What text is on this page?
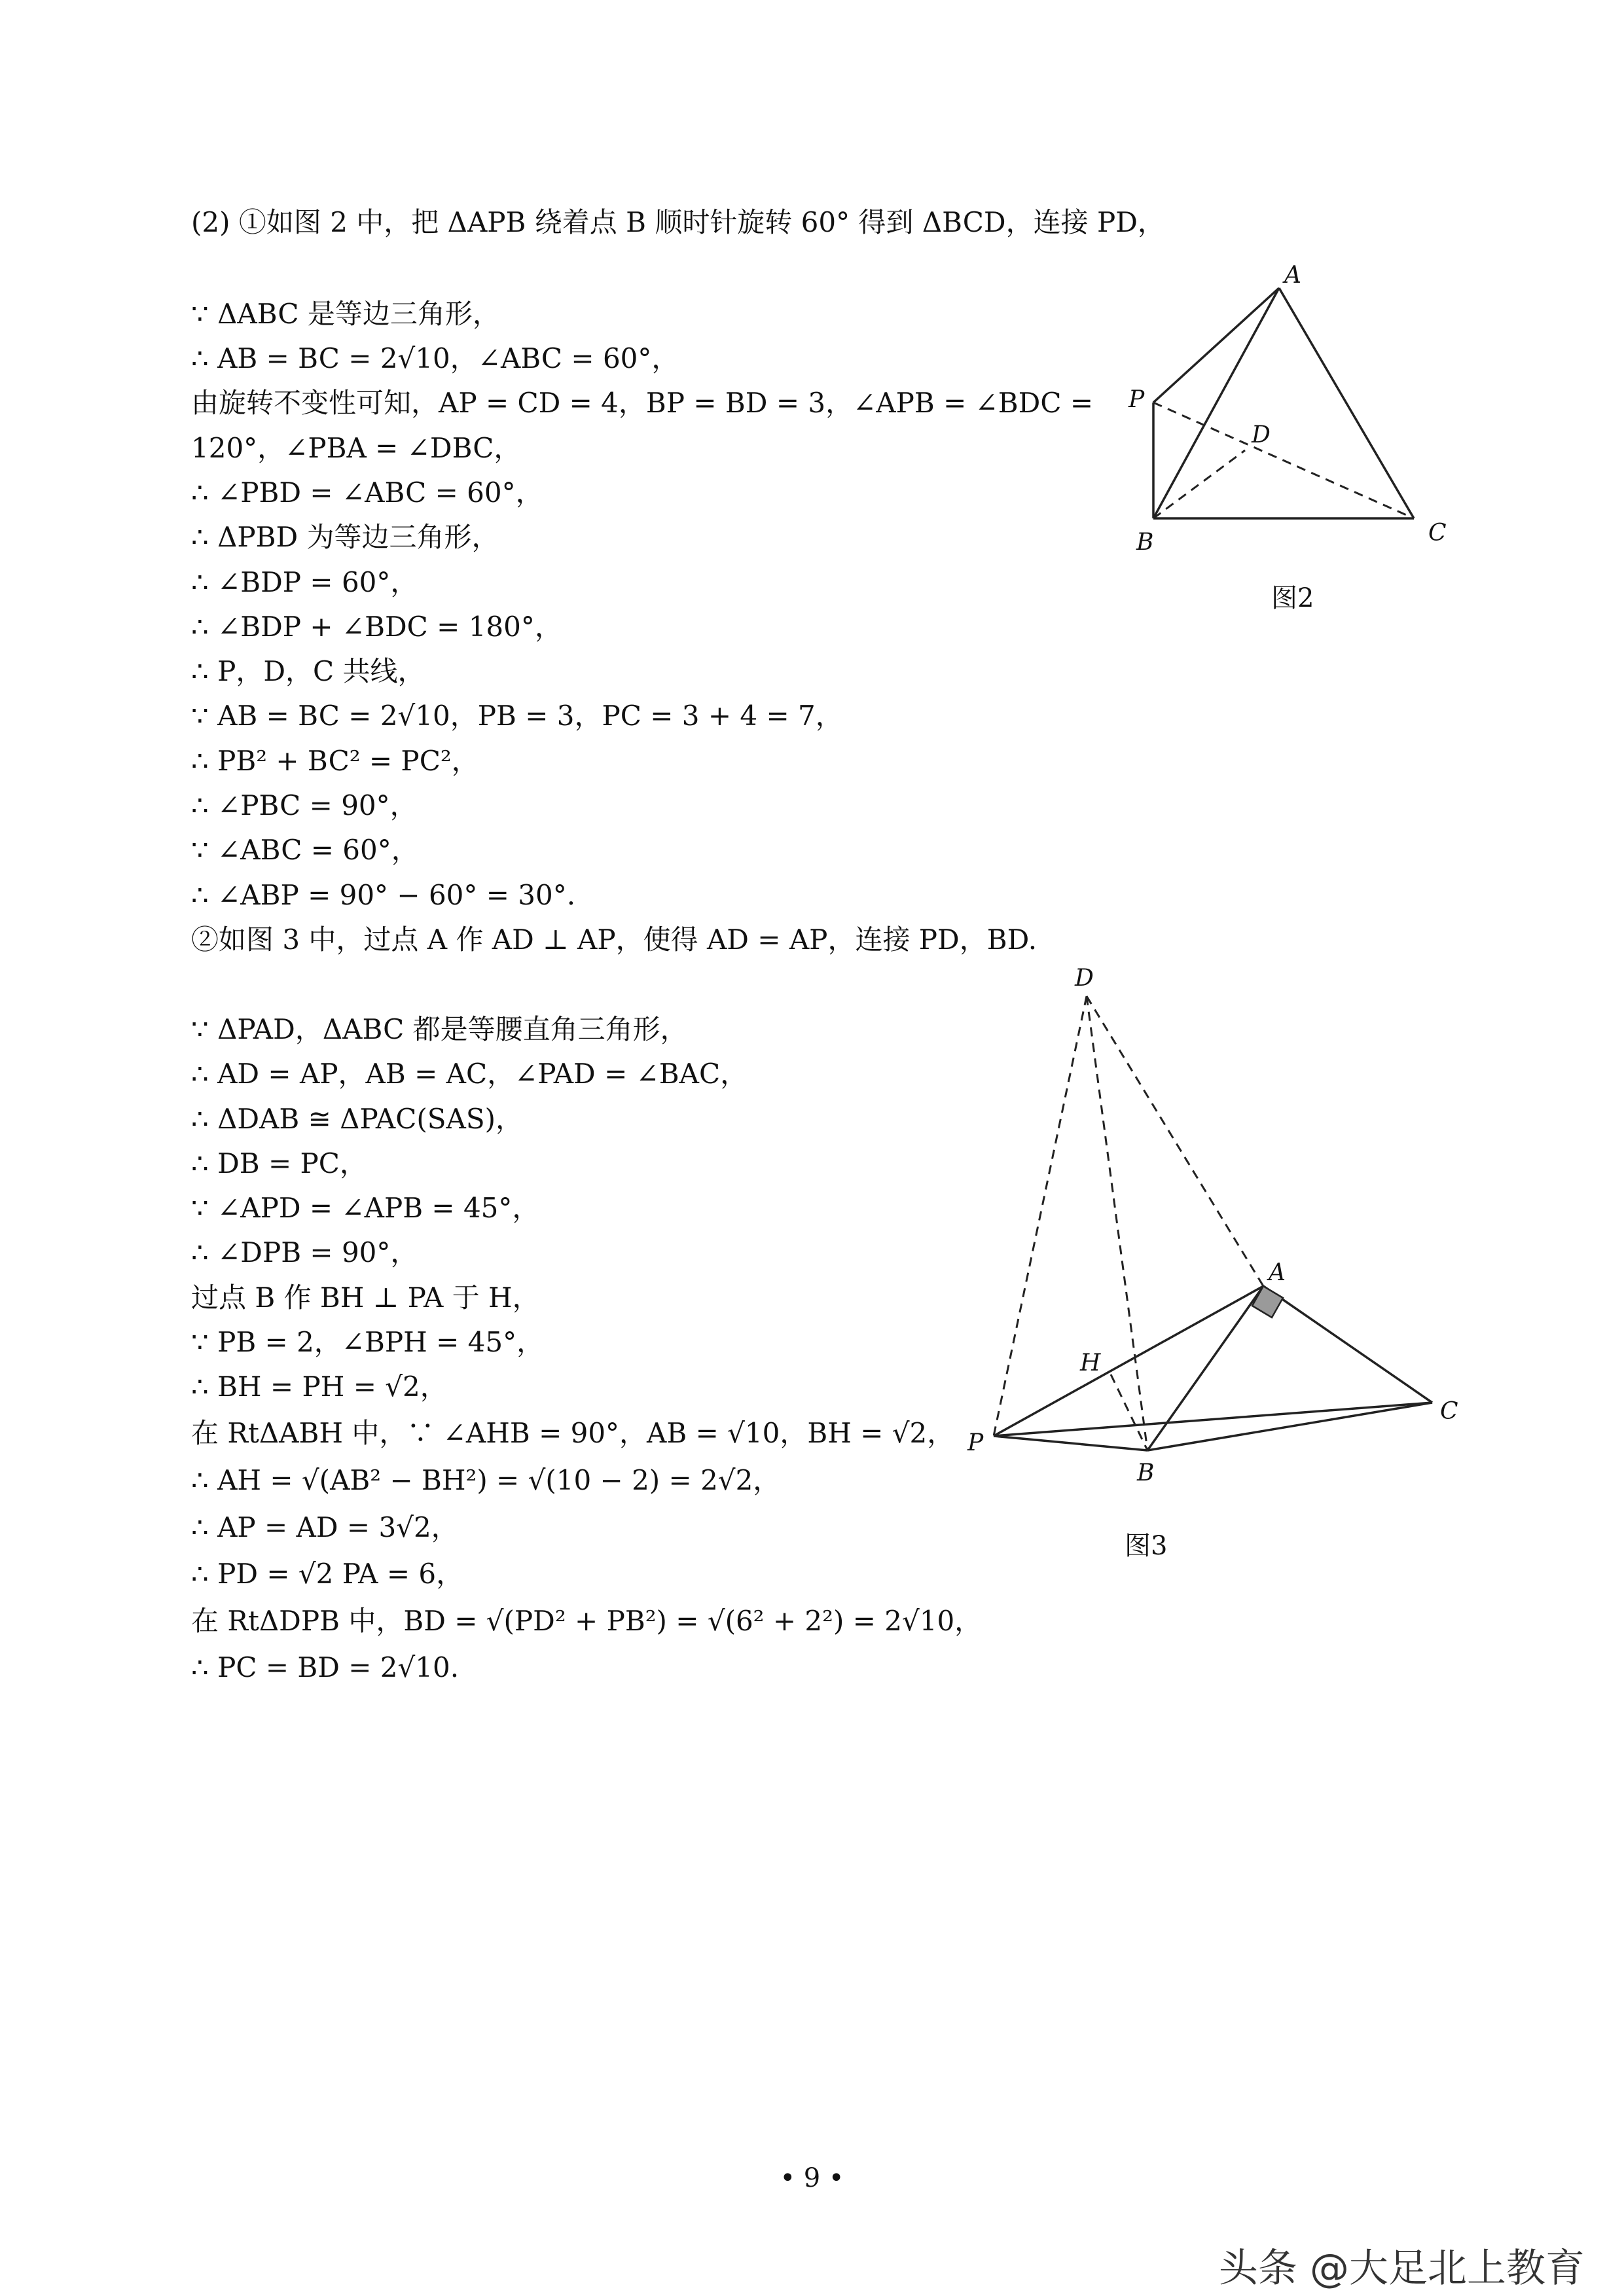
(2) ①如图 2 中，把 ΔAPB 绕着点 B 顺时针旋转 60° 得到 ΔBCD，连接 PD，
∵ ΔABC 是等边三角形，
∴ AB = BC = 2√10，∠ABC = 60°，
由旋转不变性可知，AP = CD = 4，BP = BD = 3，∠APB = ∠BDC =
120°，∠PBA = ∠DBC，
∴ ∠PBD = ∠ABC = 60°，
∴ ΔPBD 为等边三角形，
∴ ∠BDP = 60°，
∴ ∠BDP + ∠BDC = 180°，
∴ P，D，C 共线，
∵ AB = BC = 2√10，PB = 3，PC = 3 + 4 = 7，
∴ PB² + BC² = PC²，
∴ ∠PBC = 90°，
∵ ∠ABC = 60°，
∴ ∠ABP = 90° − 60° = 30°.
②如图 3 中，过点 A 作 AD ⊥ AP，使得 AD = AP，连接 PD，BD.
∵ ΔPAD，ΔABC 都是等腰直角三角形，
∴ AD = AP，AB = AC，∠PAD = ∠BAC，
∴ ΔDAB ≅ ΔPAC(SAS)，
∴ DB = PC，
∵ ∠APD = ∠APB = 45°，
∴ ∠DPB = 90°，
过点 B 作 BH ⊥ PA 于 H，
∵ PB = 2，∠BPH = 45°，
∴ BH = PH = √2，
在 RtΔABH 中，∵ ∠AHB = 90°，AB = √10，BH = √2，
∴ AH = √(AB² − BH²) = √(10 − 2) = 2√2，
∴ AP = AD = 3√2，
∴ PD = √2 PA = 6，
在 RtΔDPB 中，BD = √(PD² + PB²) = √(6² + 2²) = 2√10，
∴ PC = BD = 2√10.
A
P
D
B	C
图2
D
A
H
C
P
B
图3
• 9 •
头条 @大足北上教育
